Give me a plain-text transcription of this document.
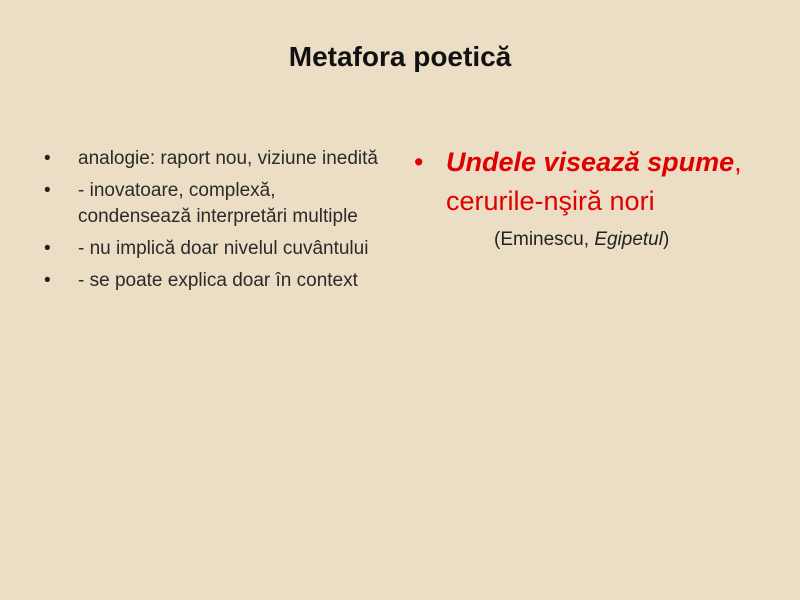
Metafora poetică
• analogie: raport nou, viziune inedită
• - inovatoare, complexă, condensează interpretări multiple
• - nu implică doar nivelul cuvântului
• - se poate explica doar în context

• Undele visează spume, cerurile-nşiră nori

(Eminescu, Egipetul)
